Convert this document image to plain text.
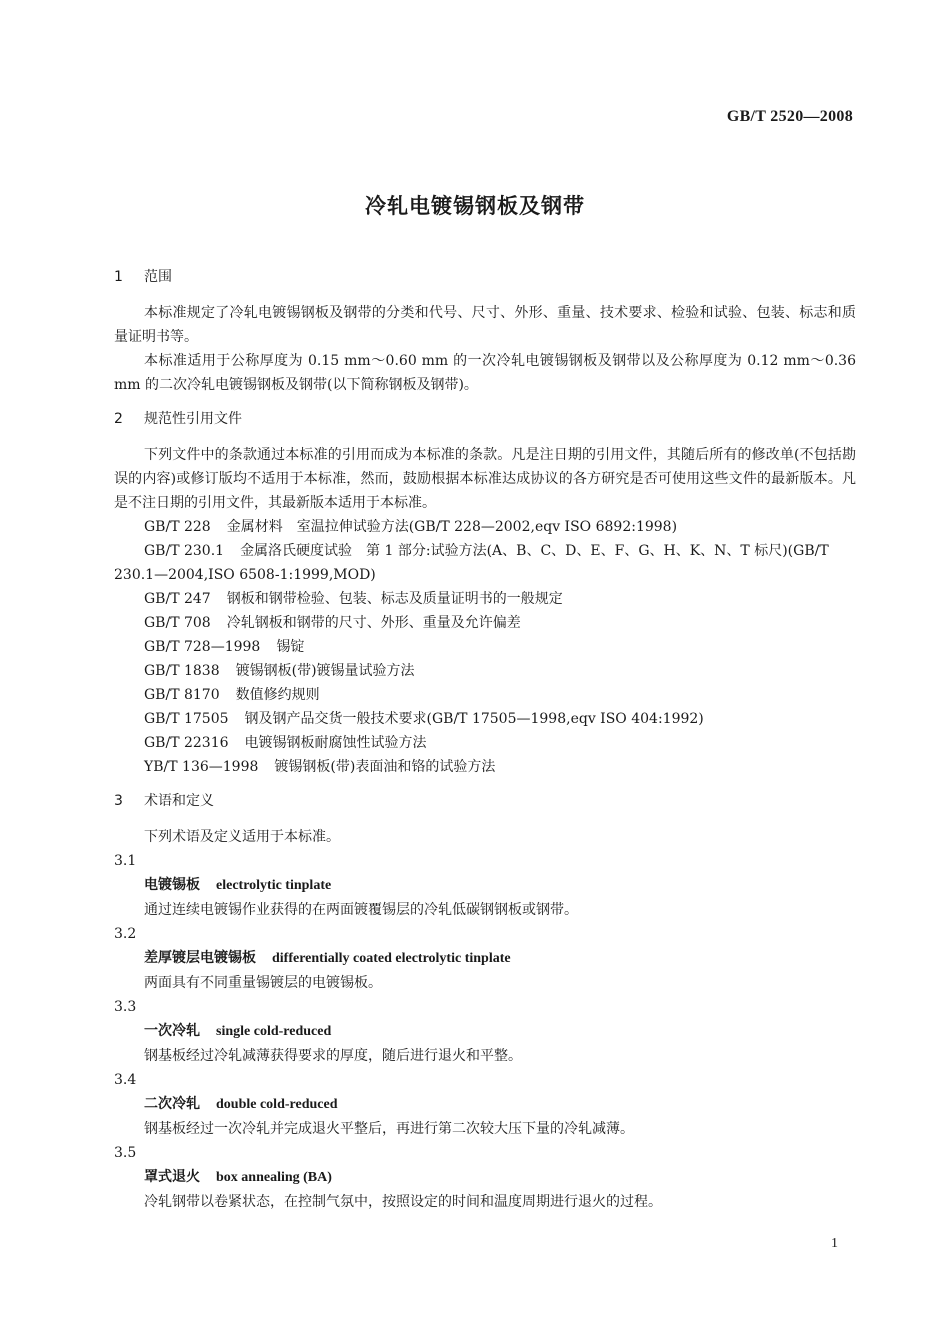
GB/T 2520—2008
冷轧电镀锡钢板及钢带
1 范围
本标准规定了冷轧电镀锡钢板及钢带的分类和代号、尺寸、外形、重量、技术要求、检验和试验、包装、标志和质量证明书等。
本标准适用于公称厚度为 0.15 mm～0.60 mm 的一次冷轧电镀锡钢板及钢带以及公称厚度为 0.12 mm～0.36 mm 的二次冷轧电镀锡钢板及钢带(以下简称钢板及钢带)。
2 规范性引用文件
下列文件中的条款通过本标准的引用而成为本标准的条款。凡是注日期的引用文件，其随后所有的修改单(不包括勘误的内容)或修订版均不适用于本标准，然而，鼓励根据本标准达成协议的各方研究是否可使用这些文件的最新版本。凡是不注日期的引用文件，其最新版本适用于本标准。
GB/T 228 金属材料　室温拉伸试验方法(GB/T 228—2002,eqv ISO 6892:1998)
GB/T 230.1 金属洛氏硬度试验　第 1 部分:试验方法(A、B、C、D、E、F、G、H、K、N、T 标尺)(GB/T 230.1—2004,ISO 6508-1:1999,MOD)
GB/T 247 钢板和钢带检验、包装、标志及质量证明书的一般规定
GB/T 708 冷轧钢板和钢带的尺寸、外形、重量及允许偏差
GB/T 728—1998 锡锭
GB/T 1838 镀锡钢板(带)镀锡量试验方法
GB/T 8170 数值修约规则
GB/T 17505 钢及钢产品交货一般技术要求(GB/T 17505—1998,eqv ISO 404:1992)
GB/T 22316 电镀锡钢板耐腐蚀性试验方法
YB/T 136—1998 镀锡钢板(带)表面油和铬的试验方法
3 术语和定义
下列术语及定义适用于本标准。
3.1
电镀锡板 electrolytic tinplate
通过连续电镀锡作业获得的在两面镀覆锡层的冷轧低碳钢钢板或钢带。
3.2
差厚镀层电镀锡板 differentially coated electrolytic tinplate
两面具有不同重量锡镀层的电镀锡板。
3.3
一次冷轧 single cold-reduced
钢基板经过冷轧减薄获得要求的厚度，随后进行退火和平整。
3.4
二次冷轧 double cold-reduced
钢基板经过一次冷轧并完成退火平整后，再进行第二次较大压下量的冷轧减薄。
3.5
罩式退火 box annealing (BA)
冷轧钢带以卷紧状态，在控制气氛中，按照设定的时间和温度周期进行退火的过程。
1
